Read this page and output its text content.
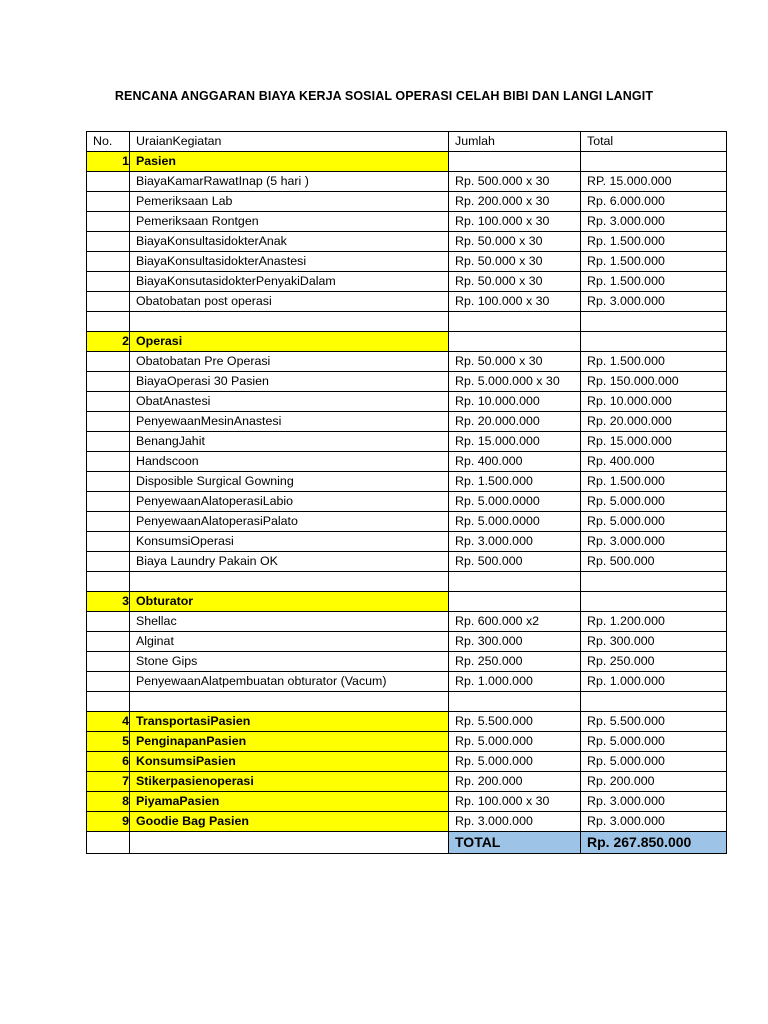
RENCANA ANGGARAN BIAYA KERJA SOSIAL OPERASI CELAH BIBI DAN LANGI LANGIT
No.	UraianKegiatan	Jumlah	Total
1	Pasien		
	BiayaKamarRawatInap (5 hari )	Rp. 500.000 x 30	RP. 15.000.000
	Pemeriksaan Lab	Rp. 200.000 x 30	Rp. 6.000.000
	Pemeriksaan Rontgen	Rp. 100.000 x 30	Rp. 3.000.000
	BiayaKonsultasidokterAnak	Rp. 50.000 x 30	Rp. 1.500.000
	BiayaKonsultasidokterAnastesi	Rp. 50.000 x 30	Rp. 1.500.000
	BiayaKonsutasidokterPenyakiDalam	Rp. 50.000 x 30	Rp. 1.500.000
	Obatobatan post operasi	Rp. 100.000 x 30	Rp. 3.000.000

2	Operasi		
	Obatobatan Pre Operasi	Rp. 50.000 x 30	Rp. 1.500.000
	BiayaOperasi 30 Pasien	Rp. 5.000.000 x 30	Rp. 150.000.000
	ObatAnastesi	Rp. 10.000.000	Rp. 10.000.000
	PenyewaanMesinAnastesi	Rp. 20.000.000	Rp. 20.000.000
	BenangJahit	Rp. 15.000.000	Rp. 15.000.000
	Handscoon	Rp. 400.000	Rp. 400.000
	Disposible Surgical Gowning	Rp. 1.500.000	Rp. 1.500.000
	PenyewaanAlatoperasiLabio	Rp. 5.000.0000	Rp. 5.000.000
	PenyewaanAlatoperasiPalato	Rp. 5.000.0000	Rp. 5.000.000
	KonsumsiOperasi	Rp. 3.000.000	Rp. 3.000.000
	Biaya Laundry Pakain OK	Rp. 500.000	Rp. 500.000

3	Obturator		
	Shellac	Rp. 600.000 x2	Rp. 1.200.000
	Alginat	Rp. 300.000	Rp. 300.000
	Stone Gips	Rp. 250.000	Rp. 250.000
	PenyewaanAlatpembuatan obturator (Vacum)	Rp. 1.000.000	Rp. 1.000.000

4	TransportasiPasien	Rp. 5.500.000	Rp. 5.500.000
5	PenginapanPasien	Rp. 5.000.000	Rp. 5.000.000
6	KonsumsiPasien	Rp. 5.000.000	Rp. 5.000.000
7	Stikerpasienoperasi	Rp. 200.000	Rp. 200.000
8	PiyamaPasien	Rp. 100.000 x 30	Rp. 3.000.000
9	Goodie Bag Pasien	Rp. 3.000.000	Rp. 3.000.000
		TOTAL	Rp. 267.850.000
